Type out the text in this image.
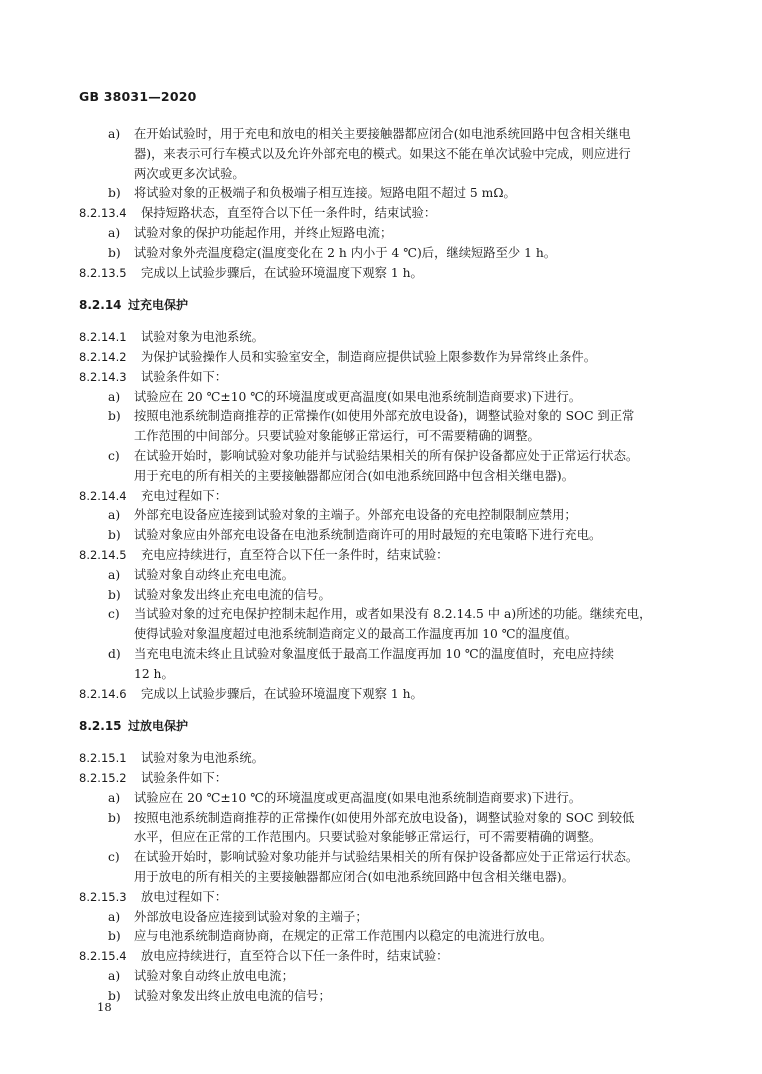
GB 38031—2020
a) 在开始试验时，用于充电和放电的相关主要接触器都应闭合(如电池系统回路中包含相关继电
器)，来表示可行车模式以及允许外部充电的模式。如果这不能在单次试验中完成，则应进行
两次或更多次试验。
b) 将试验对象的正极端子和负极端子相互连接。短路电阻不超过 5 mΩ。
8.2.13.4 保持短路状态，直至符合以下任一条件时，结束试验：
a) 试验对象的保护功能起作用，并终止短路电流；
b) 试验对象外壳温度稳定(温度变化在 2 h 内小于 4 ℃)后，继续短路至少 1 h。
8.2.13.5 完成以上试验步骤后，在试验环境温度下观察 1 h。
8.2.14 过充电保护
8.2.14.1 试验对象为电池系统。
8.2.14.2 为保护试验操作人员和实验室安全，制造商应提供试验上限参数作为异常终止条件。
8.2.14.3 试验条件如下：
a) 试验应在 20 ℃±10 ℃的环境温度或更高温度(如果电池系统制造商要求)下进行。
b) 按照电池系统制造商推荐的正常操作(如使用外部充放电设备)，调整试验对象的 SOC 到正常
工作范围的中间部分。只要试验对象能够正常运行，可不需要精确的调整。
c) 在试验开始时，影响试验对象功能并与试验结果相关的所有保护设备都应处于正常运行状态。
用于充电的所有相关的主要接触器都应闭合(如电池系统回路中包含相关继电器)。
8.2.14.4 充电过程如下：
a) 外部充电设备应连接到试验对象的主端子。外部充电设备的充电控制限制应禁用；
b) 试验对象应由外部充电设备在电池系统制造商许可的用时最短的充电策略下进行充电。
8.2.14.5 充电应持续进行，直至符合以下任一条件时，结束试验：
a) 试验对象自动终止充电电流。
b) 试验对象发出终止充电电流的信号。
c) 当试验对象的过充电保护控制未起作用，或者如果没有 8.2.14.5 中 a)所述的功能。继续充电，
使得试验对象温度超过电池系统制造商定义的最高工作温度再加 10 ℃的温度值。
d) 当充电电流未终止且试验对象温度低于最高工作温度再加 10 ℃的温度值时，充电应持续
12 h。
8.2.14.6 完成以上试验步骤后，在试验环境温度下观察 1 h。
8.2.15 过放电保护
8.2.15.1 试验对象为电池系统。
8.2.15.2 试验条件如下：
a) 试验应在 20 ℃±10 ℃的环境温度或更高温度(如果电池系统制造商要求)下进行。
b) 按照电池系统制造商推荐的正常操作(如使用外部充放电设备)，调整试验对象的 SOC 到较低
水平，但应在正常的工作范围内。只要试验对象能够正常运行，可不需要精确的调整。
c) 在试验开始时，影响试验对象功能并与试验结果相关的所有保护设备都应处于正常运行状态。
用于放电的所有相关的主要接触器都应闭合(如电池系统回路中包含相关继电器)。
8.2.15.3 放电过程如下：
a) 外部放电设备应连接到试验对象的主端子；
b) 应与电池系统制造商协商，在规定的正常工作范围内以稳定的电流进行放电。
8.2.15.4 放电应持续进行，直至符合以下任一条件时，结束试验：
a) 试验对象自动终止放电电流；
b) 试验对象发出终止放电电流的信号；
18
